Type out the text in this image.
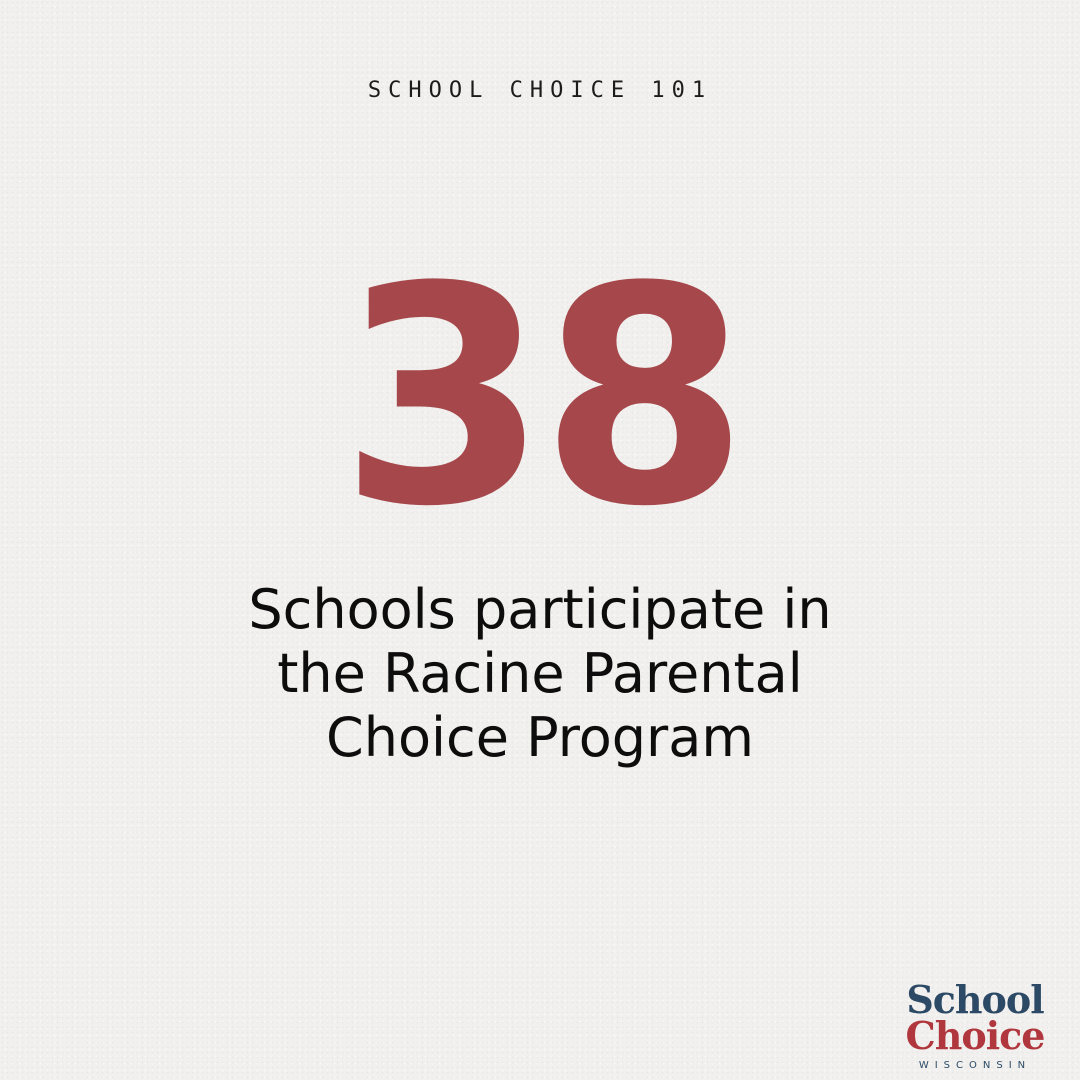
SCHOOL CHOICE 101
38
Schools participate in
the Racine Parental
Choice Program
School
Choice
WISCONSIN
